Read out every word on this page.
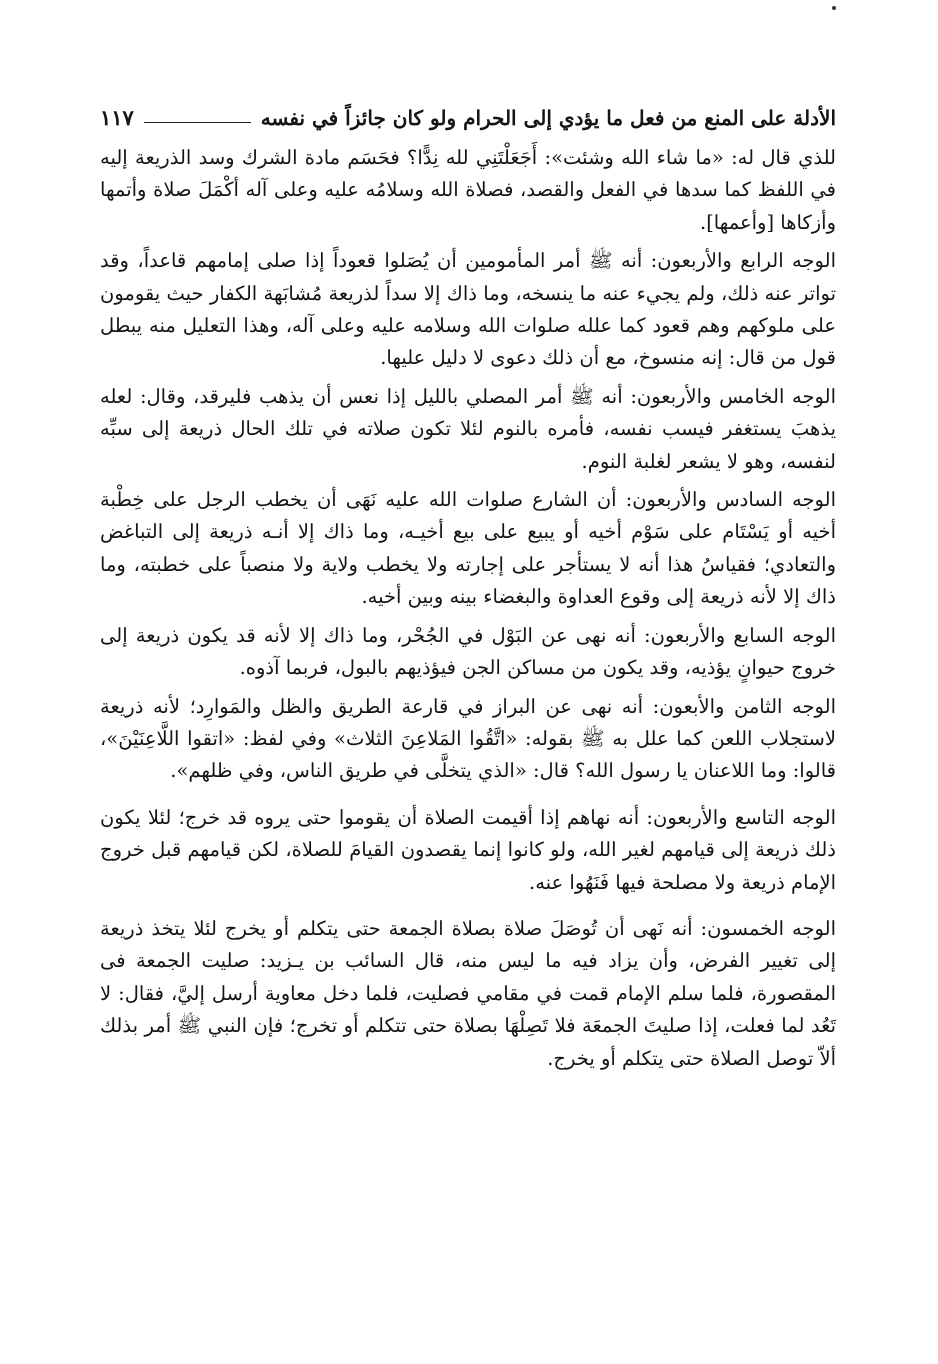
الأدلة على المنع من فعل ما يؤدي إلى الحرام ولو كان جائزاً في نفسه
١١٧

للذي قال له: «ما شاء الله وشئت»: أَجَعَلْتَنِي لله نِدًّا؟ فحَسَم مادة الشرك وسد الذريعة إليه في اللفظ كما سدها في الفعل والقصد، فصلاة الله وسلامُه عليه وعلى آله أكْمَلَ صلاة وأتمها وأزكاها [وأعمها].

الوجه الرابع والأربعون: أنه ﷺ أمر المأمومين أن يُصَلوا قعوداً إذا صلى إمامهم قاعداً، وقد تواتر عنه ذلك، ولم يجيء عنه ما ينسخه، وما ذاك إلا سداً لذريعة مُشابَهة الكفار حيث يقومون على ملوكهم وهم قعود كما علله صلوات الله وسلامه عليه وعلى آله، وهذا التعليل منه يبطل قول من قال: إنه منسوخ، مع أن ذلك دعوى لا دليل عليها.

الوجه الخامس والأربعون: أنه ﷺ أمر المصلي بالليل إذا نعس أن يذهب فليرقد، وقال: لعله يذهبَ يستغفر فيسب نفسه، فأمره بالنوم لئلا تكون صلاته في تلك الحال ذريعة إلى سبِّه لنفسه، وهو لا يشعر لغلبة النوم.

الوجه السادس والأربعون: أن الشارع صلوات الله عليه نَهَى أن يخطب الرجل على خِطْبة أخيه أو يَسْتَام على سَوْم أخيه أو يبيع على بيع أخيـه، وما ذاك إلا أنـه ذريعة إلى التباغض والتعادي؛ فقياسُ هذا أنه لا يستأجر على إجارته ولا يخطب ولاية ولا منصباً على خطبته، وما ذاك إلا لأنه ذريعة إلى وقوع العداوة والبغضاء بينه وبين أخيه.

الوجه السابع والأربعون: أنه نهى عن البَوْل في الجُحْر، وما ذاك إلا لأنه قد يكون ذريعة إلى خروج حيوانٍ يؤذيه، وقد يكون من مساكن الجن فيؤذيهم بالبول، فربما آذوه.

الوجه الثامن والأبعون: أنه نهى عن البراز في قارعة الطريق والظل والمَوارِد؛ لأنه ذريعة لاستجلاب اللعن كما علل به ﷺ بقوله: «اتَّقُوا المَلاعِنَ الثلاث» وفي لفظ: «اتقوا اللَّاعِنَيْنَ»، قالوا: وما اللاعنان يا رسول الله؟ قال: «الذي يتخلَّى في طريق الناس، وفي ظلهم».

الوجه التاسع والأربعون: أنه نهاهم إذا أقيمت الصلاة أن يقوموا حتى يروه قد خرج؛ لئلا يكون ذلك ذريعة إلى قيامهم لغير الله، ولو كانوا إنما يقصدون القيامَ للصلاة، لكن قيامهم قبل خروج الإمام ذريعة ولا مصلحة فيها فَنَهُوا عنه.

الوجه الخمسون: أنه نَهى أن تُوصَلَ صلاة بصلاة الجمعة حتى يتكلم أو يخرج لئلا يتخذ ذريعة إلى تغيير الفرض، وأن يزاد فيه ما ليس منه، قال السائب بن يـزيد: صليت الجمعة فى المقصورة، فلما سلم الإمام قمت في مقامي فصليت، فلما دخل معاوية أرسل إليَّ، فقال: لا تَعُد لما فعلت، إذا صليتَ الجمعَة فلا تَصِلْهَا بصلاة حتى تتكلم أو تخرج؛ فإن النبي ﷺ أمر بذلك ألاّ توصل الصلاة حتى يتكلم أو يخرج.
